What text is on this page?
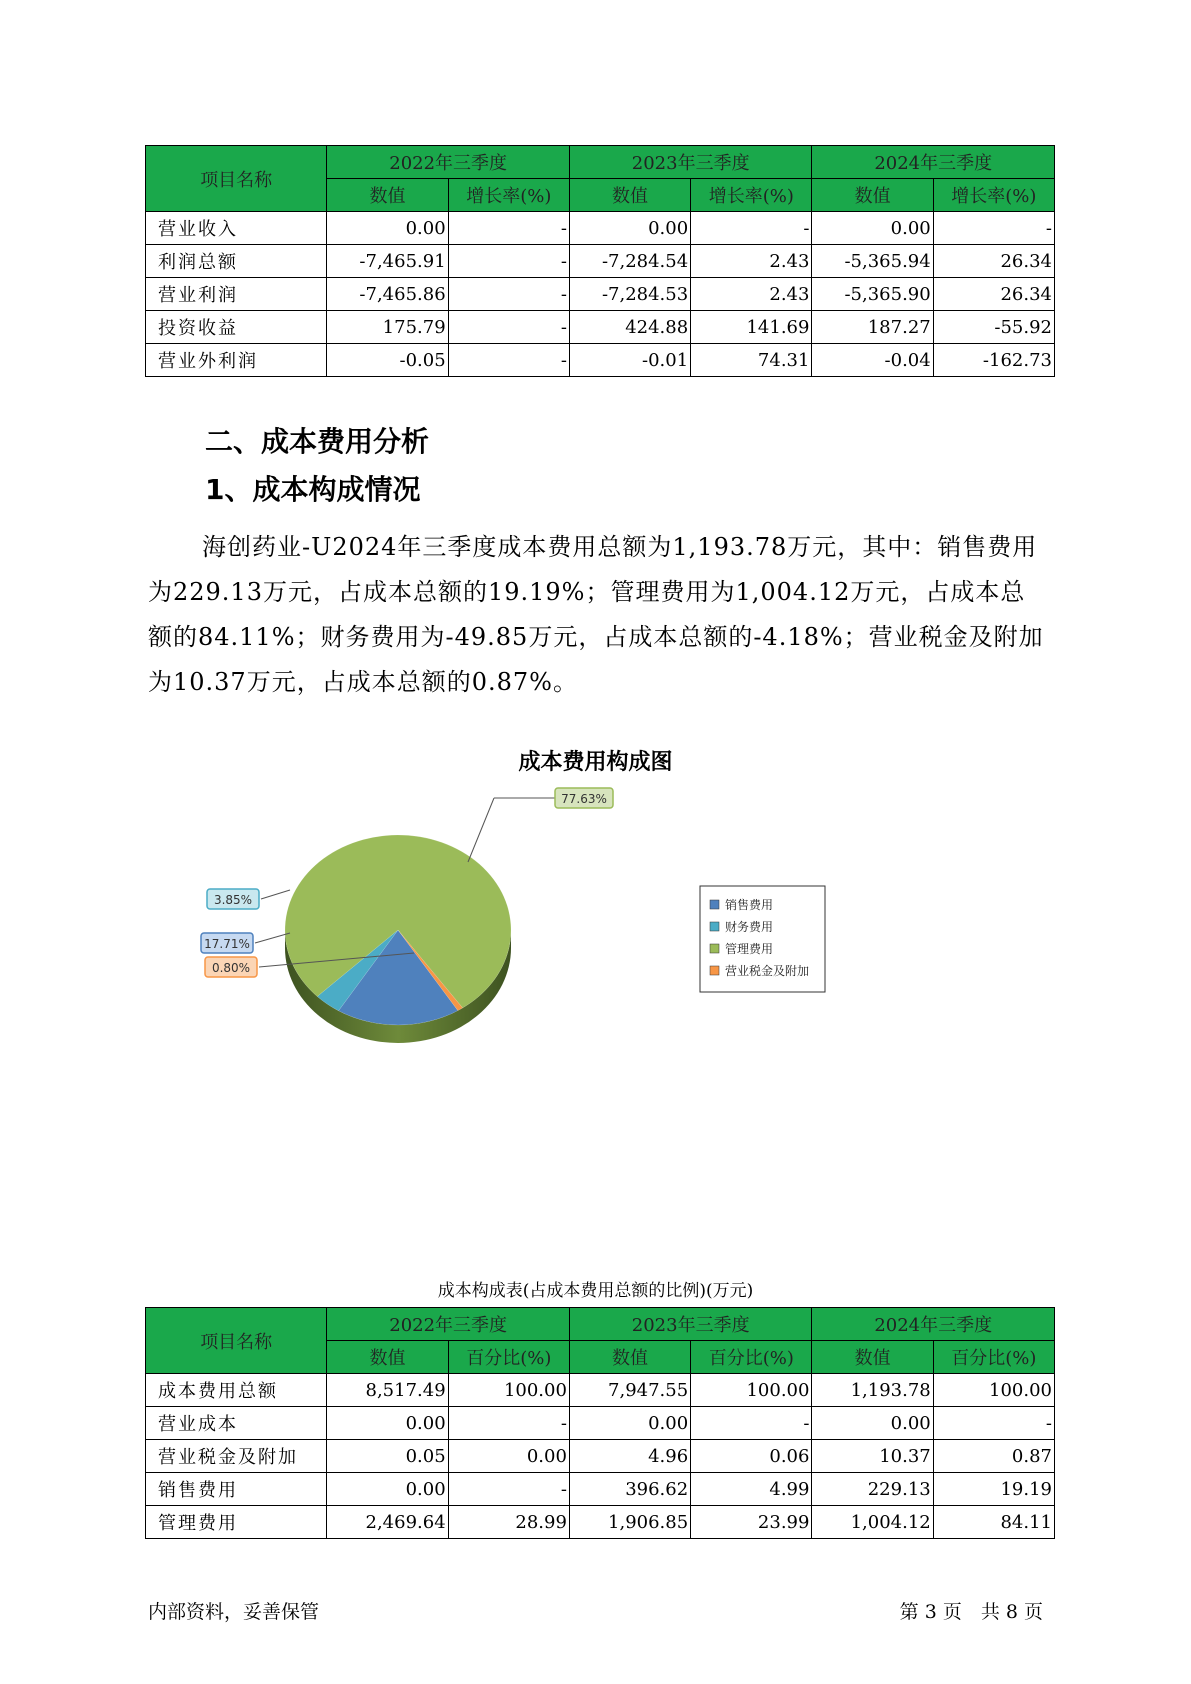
项目名称	2022年三季度		2023年三季度		2024年三季度	
	数值	增长率(%)	数值	增长率(%)	数值	增长率(%)
营业收入	0.00	-	0.00	-	0.00	-
利润总额	-7,465.91	-	-7,284.54	2.43	-5,365.94	26.34
营业利润	-7,465.86	-	-7,284.53	2.43	-5,365.90	26.34
投资收益	175.79	-	424.88	141.69	187.27	-55.92
营业外利润	-0.05	-	-0.01	74.31	-0.04	-162.73
二、成本费用分析
1、成本构成情况
海创药业-U2024年三季度成本费用总额为1,193.78万元，其中：销售费用为229.13万元，占成本总额的19.19%；管理费用为1,004.12万元，占成本总额的84.11%；财务费用为-49.85万元，占成本总额的-4.18%；营业税金及附加为10.37万元，占成本总额的0.87%。
成本费用构成图
17.71%
3.85%
77.63%
0.80%
销售费用
财务费用
管理费用
营业税金及附加
成本构成表(占成本费用总额的比例)(万元)
项目名称	2022年三季度		2023年三季度		2024年三季度	
	数值	百分比(%)	数值	百分比(%)	数值	百分比(%)
成本费用总额	8,517.49	100.00	7,947.55	100.00	1,193.78	100.00
营业成本	0.00	-	0.00	-	0.00	-
营业税金及附加	0.05	0.00	4.96	0.06	10.37	0.87
销售费用	0.00	-	396.62	4.99	229.13	19.19
管理费用	2,469.64	28.99	1,906.85	23.99	1,004.12	84.11
内部资料，妥善保管	第 3 页　共 8 页
